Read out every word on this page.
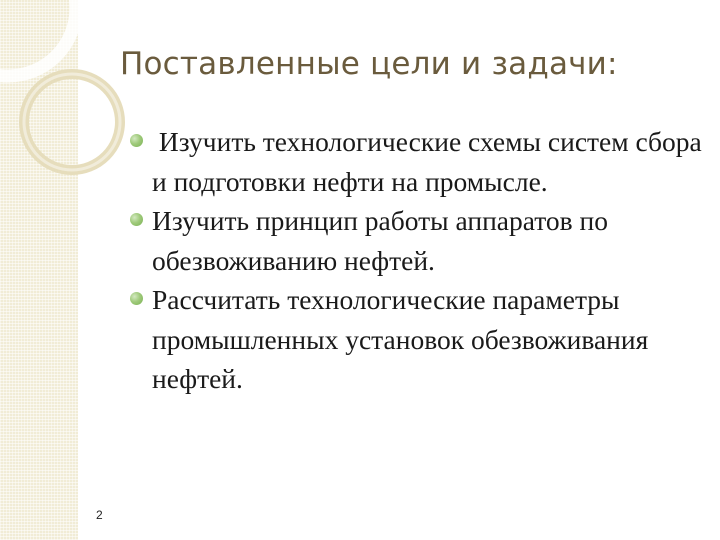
Поставленные цели и задачи:
Изучить технологические схемы систем сбора и подготовки нефти на промысле.
Изучить принцип работы аппаратов по обезвоживанию нефтей.
Рассчитать технологические параметры промышленных установок обезвоживания нефтей.
2
